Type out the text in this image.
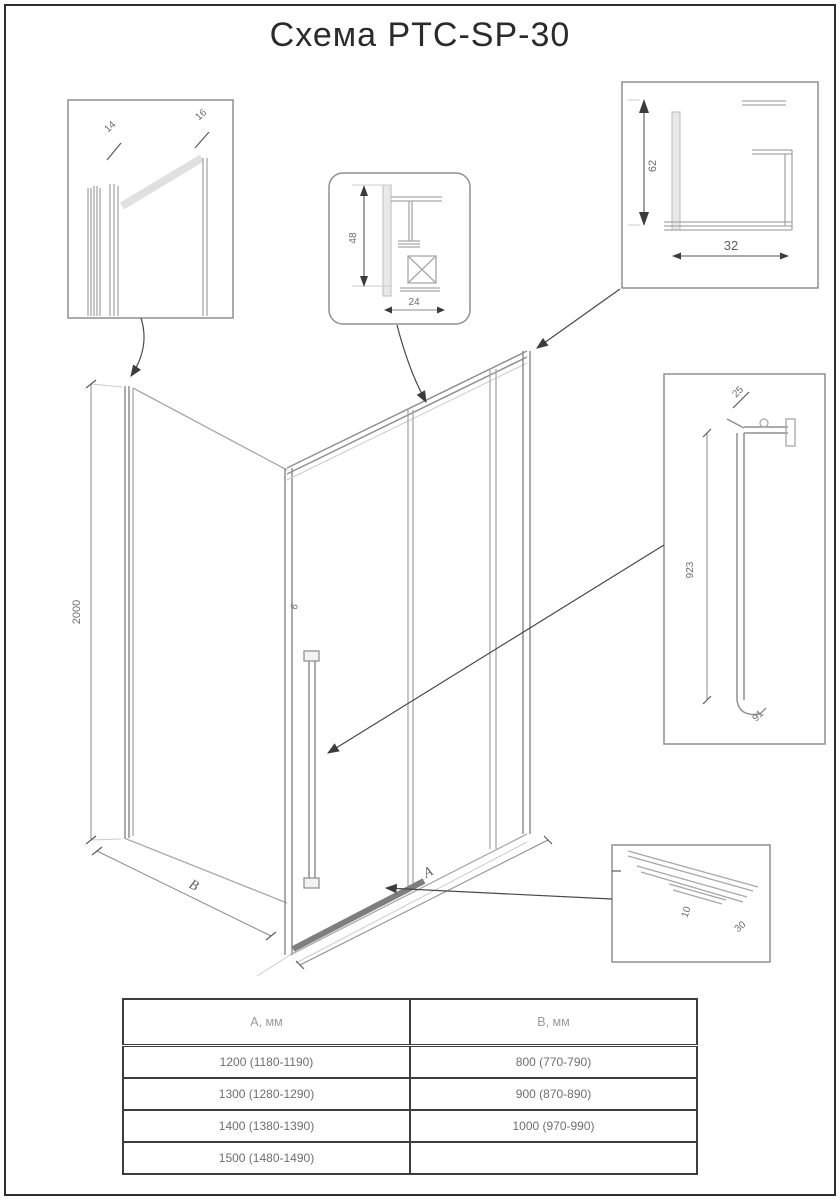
Схема PTC-SP-30
2000
B
A
6
14
16
48
24
62
32
25
923
91
10
30
A, мм	B, мм
1200 (1180-1190)	800 (770-790)
1300 (1280-1290)	900 (870-890)
1400 (1380-1390)	1000 (970-990)
1500 (1480-1490)	
